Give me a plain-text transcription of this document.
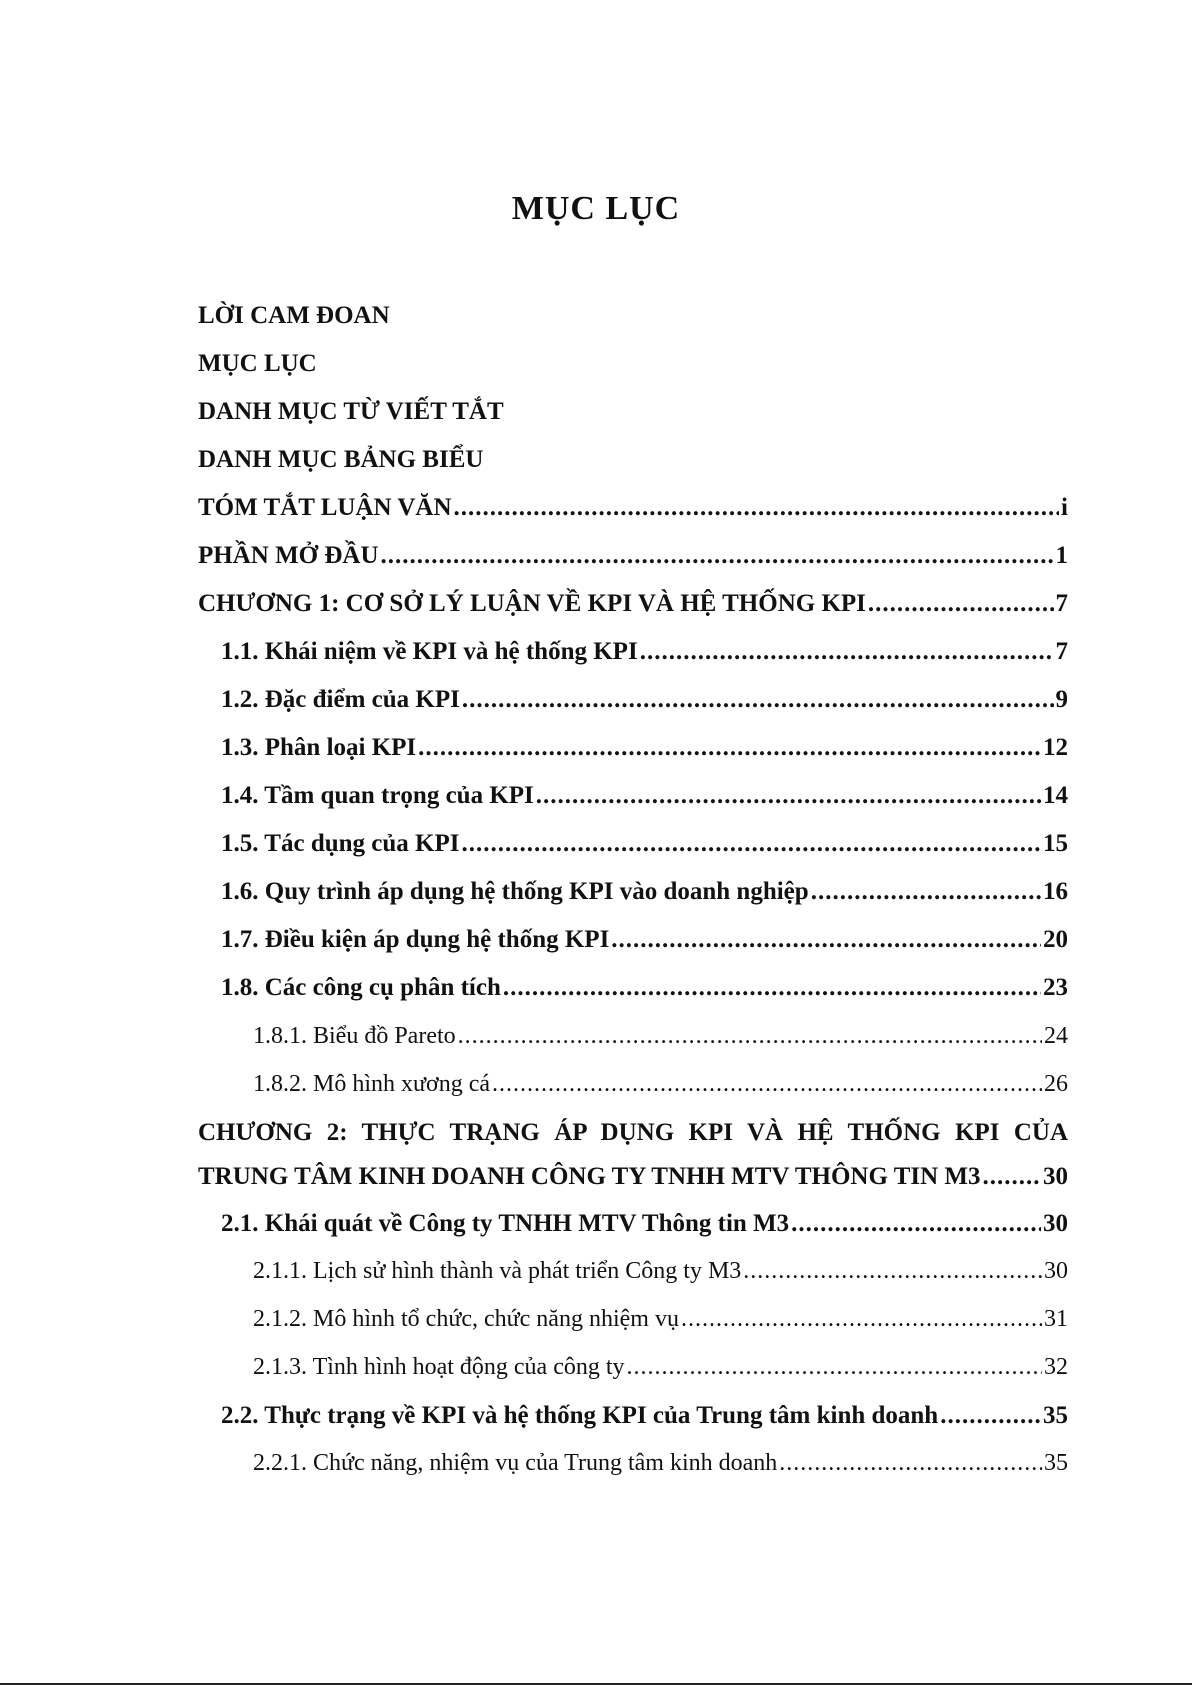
MỤC LỤC
LỜI CAM ĐOAN
MỤC LỤC
DANH MỤC TỪ VIẾT TẮT
DANH MỤC BẢNG BIỂU
TÓM TẮT LUẬN VĂN .....	i
PHẦN MỞ ĐẦU .....	1
CHƯƠNG 1: CƠ SỞ LÝ LUẬN VỀ KPI VÀ HỆ THỐNG KPI .....	7
1.1. Khái niệm về KPI và hệ thống KPI .....	7
1.2. Đặc điểm của KPI .....	9
1.3. Phân loại KPI .....	12
1.4. Tầm quan trọng của KPI .....	14
1.5. Tác dụng của KPI .....	15
1.6. Quy trình áp dụng hệ thống KPI vào doanh nghiệp .....	16
1.7. Điều kiện áp dụng hệ thống KPI .....	20
1.8. Các công cụ phân tích .....	23
1.8.1. Biểu đồ Pareto .....	24
1.8.2. Mô hình xương cá .....	26
CHƯƠNG 2: THỰC TRẠNG ÁP DỤNG KPI VÀ HỆ THỐNG KPI CỦA
TRUNG TÂM KINH DOANH CÔNG TY TNHH MTV THÔNG TIN M3 .....	30
2.1. Khái quát về Công ty TNHH MTV Thông tin M3 .....	30
2.1.1. Lịch sử hình thành và phát triển Công ty M3 .....	30
2.1.2. Mô hình tổ chức, chức năng nhiệm vụ .....	31
2.1.3. Tình hình hoạt động của công ty .....	32
2.2. Thực trạng về KPI và hệ thống KPI của Trung tâm kinh doanh .....	35
2.2.1. Chức năng, nhiệm vụ của Trung tâm kinh doanh .....	35
